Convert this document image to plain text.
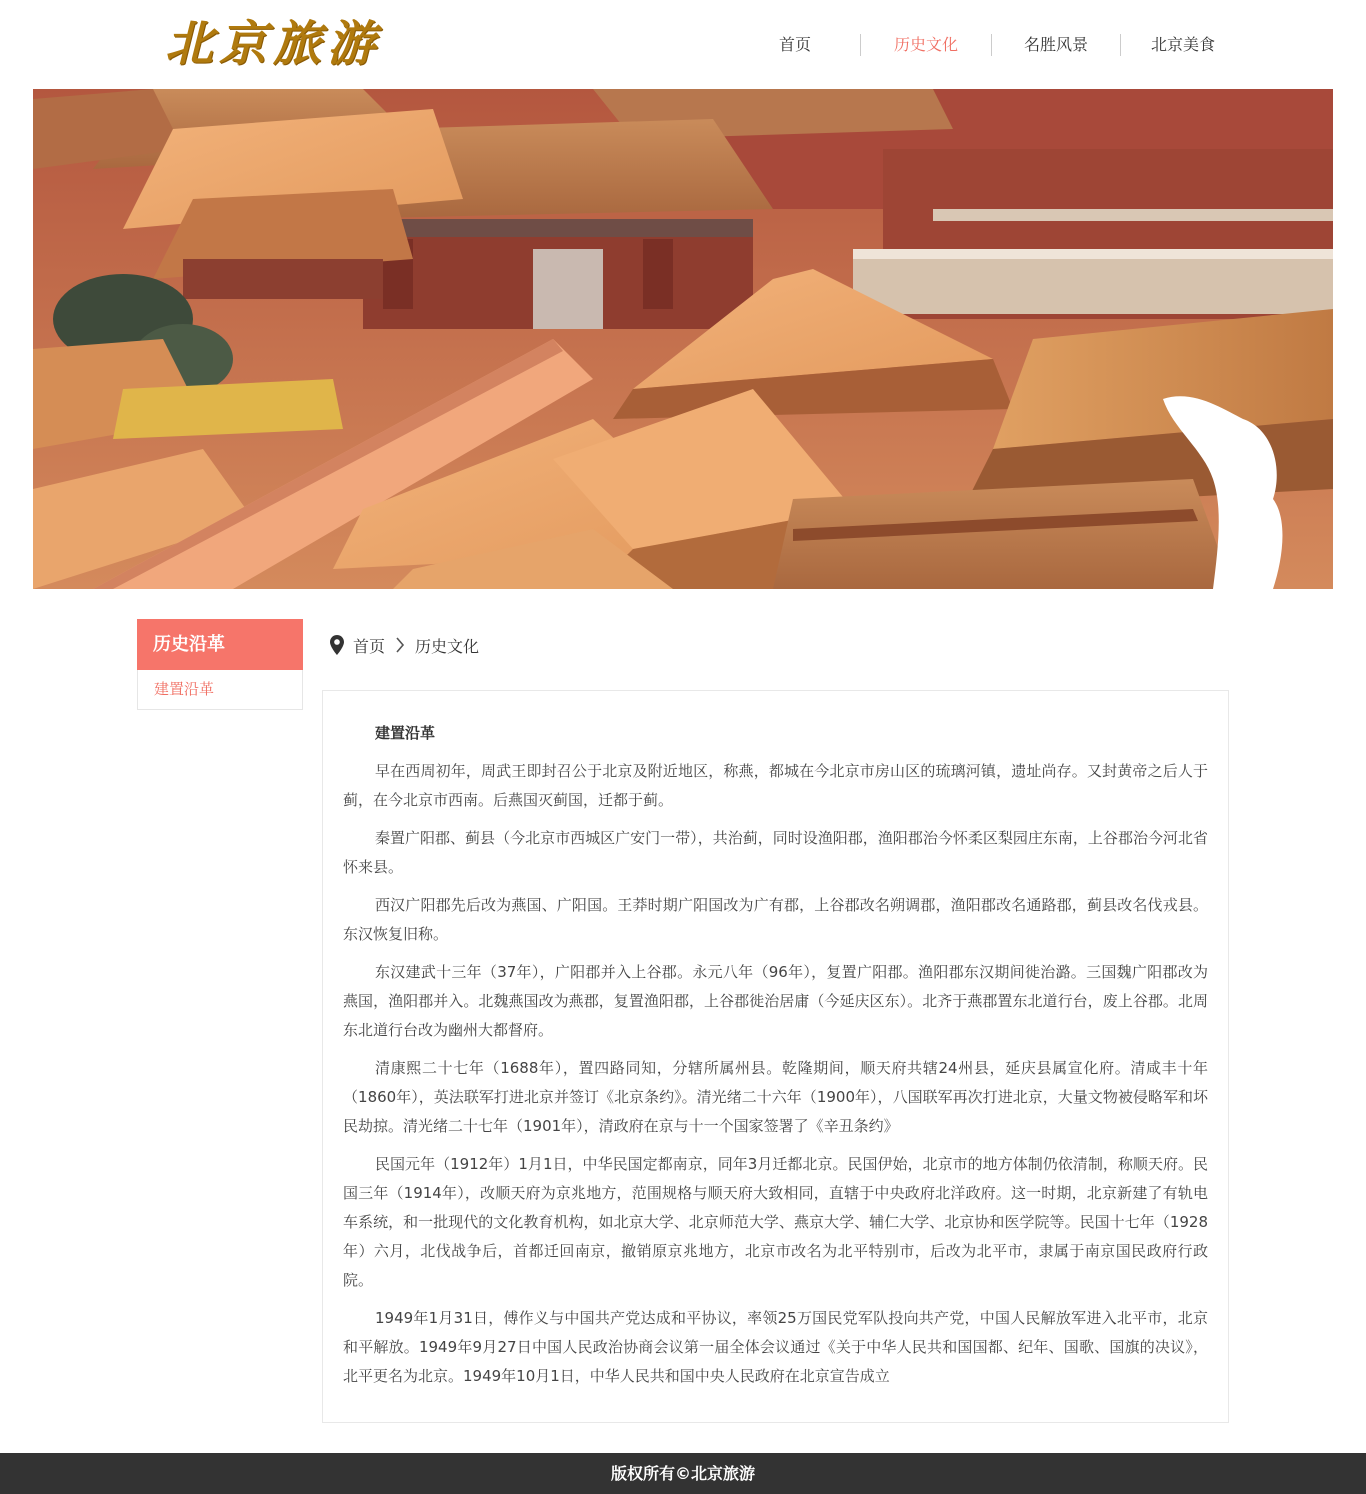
北京旅游	首页	历史文化	名胜风景	北京美食
历史沿革
建置沿革
首页 历史文化
建置沿革

早在西周初年，周武王即封召公于北京及附近地区，称燕，都城在今北京市房山区的琉璃河镇，遗址尚存。又封黄帝之后人于蓟，在今北京市西南。后燕国灭蓟国，迁都于蓟。

秦置广阳郡、蓟县（今北京市西城区广安门一带），共治蓟，同时设渔阳郡，渔阳郡治今怀柔区梨园庄东南，上谷郡治今河北省怀来县。

西汉广阳郡先后改为燕国、广阳国。王莽时期广阳国改为广有郡，上谷郡改名朔调郡，渔阳郡改名通路郡，蓟县改名伐戎县。东汉恢复旧称。

东汉建武十三年（37年），广阳郡并入上谷郡。永元八年（96年），复置广阳郡。渔阳郡东汉期间徙治潞。三国魏广阳郡改为燕国，渔阳郡并入。北魏燕国改为燕郡，复置渔阳郡，上谷郡徙治居庸（今延庆区东）。北齐于燕郡置东北道行台，废上谷郡。北周东北道行台改为幽州大都督府。

清康熙二十七年（1688年），置四路同知，分辖所属州县。乾隆期间，顺天府共辖24州县，延庆县属宣化府。清咸丰十年（1860年），英法联军打进北京并签订《北京条约》。清光绪二十六年（1900年），八国联军再次打进北京，大量文物被侵略军和坏民劫掠。清光绪二十七年（1901年），清政府在京与十一个国家签署了《辛丑条约》

民国元年（1912年）1月1日，中华民国定都南京，同年3月迁都北京。民国伊始，北京市的地方体制仍依清制，称顺天府。民国三年（1914年），改顺天府为京兆地方，范围规格与顺天府大致相同，直辖于中央政府北洋政府。这一时期，北京新建了有轨电车系统，和一批现代的文化教育机构，如北京大学、北京师范大学、燕京大学、辅仁大学、北京协和医学院等。民国十七年（1928年）六月，北伐战争后，首都迁回南京，撤销原京兆地方，北京市改名为北平特别市，后改为北平市，隶属于南京国民政府行政院。

1949年1月31日，傅作义与中国共产党达成和平协议，率领25万国民党军队投向共产党，中国人民解放军进入北平市，北京和平解放。1949年9月27日中国人民政治协商会议第一届全体会议通过《关于中华人民共和国国都、纪年、国歌、国旗的决议》，北平更名为北京。1949年10月1日，中华人民共和国中央人民政府在北京宣告成立

版权所有©北京旅游
